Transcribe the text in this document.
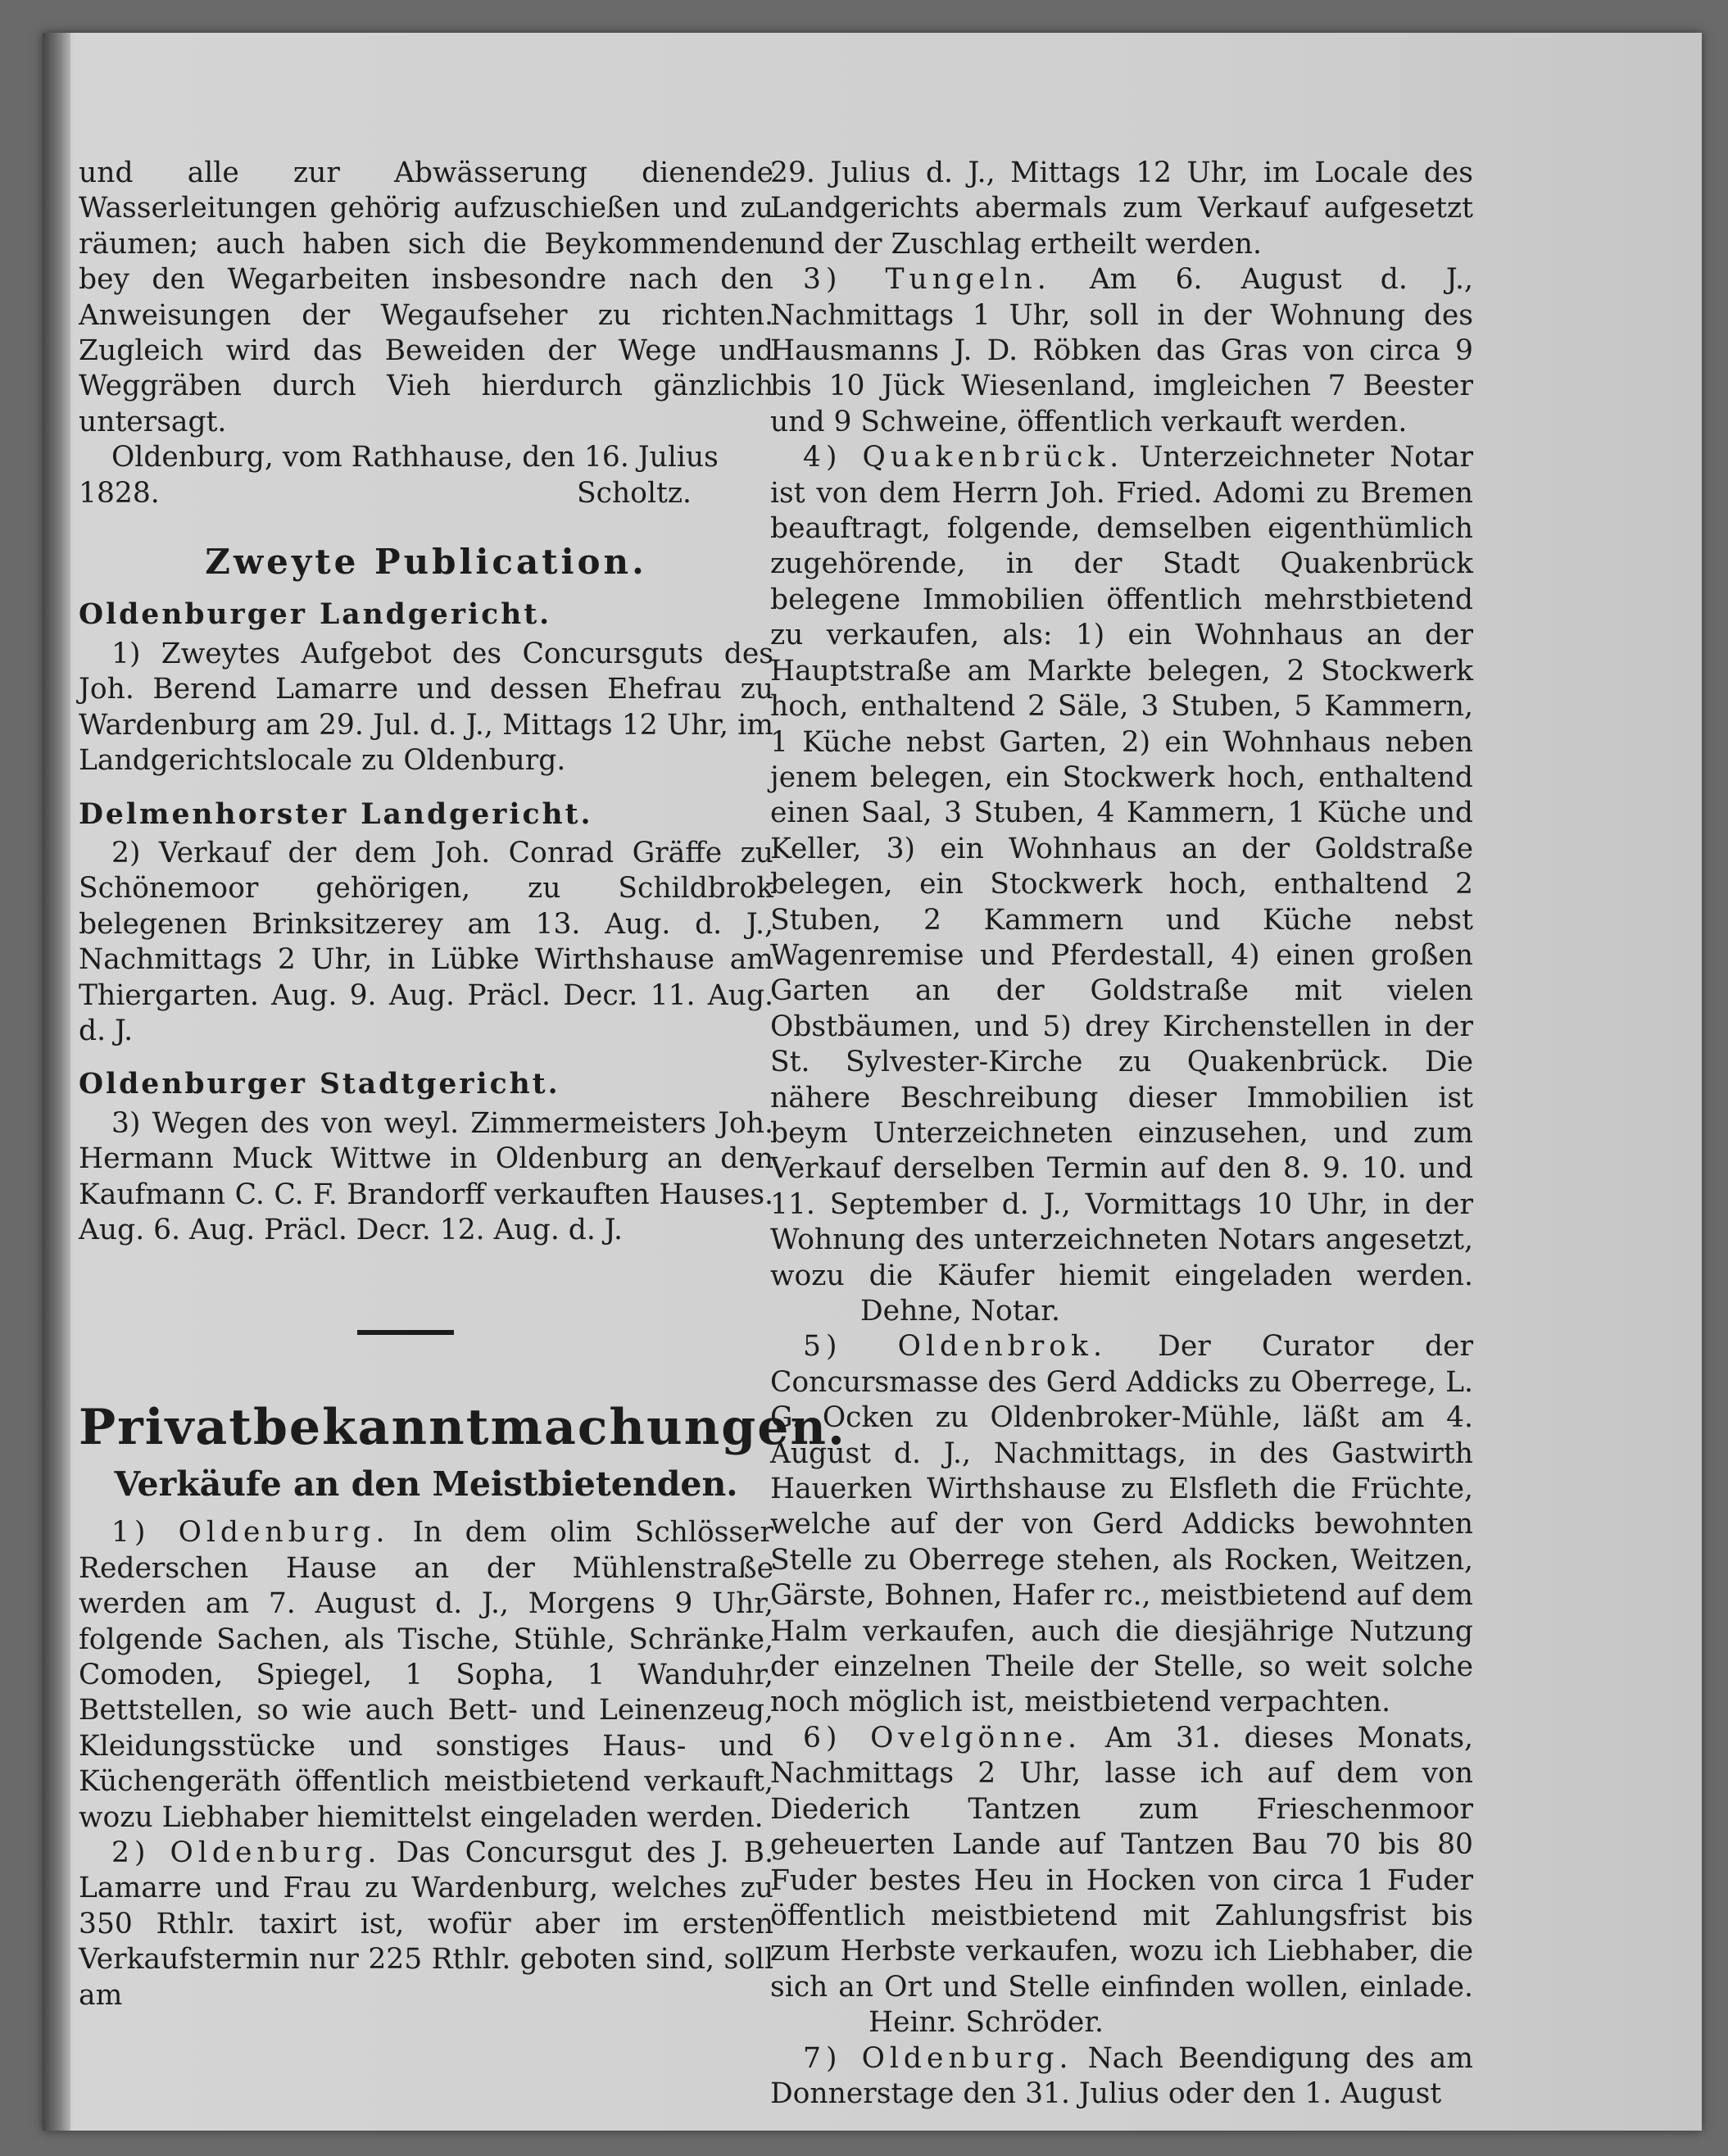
und alle zur Abwässerung dienende Wasserleitungen gehörig aufzuschießen und zu räumen; auch haben sich die Beykommenden bey den Wegarbeiten insbesondre nach den Anweisungen der Wegaufseher zu richten. Zugleich wird das Beweiden der Wege und Weggräben durch Vieh hierdurch gänzlich untersagt.

Oldenburg, vom Rathhause, den 16. Julius

1828.	Scholtz.
Zweyte Publication.
Oldenburger Landgericht.

1) Zweytes Aufgebot des Concursguts des Joh. Berend Lamarre und dessen Ehefrau zu Wardenburg am 29. Jul. d. J., Mittags 12 Uhr, im Landgerichtslocale zu Oldenburg.

Delmenhorster Landgericht.

2) Verkauf der dem Joh. Conrad Gräffe zu Schönemoor gehörigen, zu Schildbrok belegenen Brinksitzerey am 13. Aug. d. J., Nachmittags 2 Uhr, in Lübke Wirthshause am Thiergarten. Aug. 9. Aug. Präcl. Decr. 11. Aug. d. J.

Oldenburger Stadtgericht.

3) Wegen des von weyl. Zimmermeisters Joh. Hermann Muck Wittwe in Oldenburg an den Kaufmann C. C. F. Brandorff verkauften Hauses. Aug. 6. Aug. Präcl. Decr. 12. Aug. d. J.

Privatbekanntmachungen.
Verkäufe an den Meistbietenden.

1) Oldenburg. In dem olim Schlösser Rederschen Hause an der Mühlenstraße werden am 7. August d. J., Morgens 9 Uhr, folgende Sachen, als Tische, Stühle, Schränke, Comoden, Spiegel, 1 Sopha, 1 Wanduhr, Bettstellen, so wie auch Bett- und Leinenzeug, Kleidungsstücke und sonstiges Haus- und Küchengeräth öffentlich meistbietend verkauft, wozu Liebhaber hiemittelst eingeladen werden.

2) Oldenburg. Das Concursgut des J. B. Lamarre und Frau zu Wardenburg, welches zu 350 Rthlr. taxirt ist, wofür aber im ersten Verkaufstermin nur 225 Rthlr. geboten sind, soll am

29. Julius d. J., Mittags 12 Uhr, im Locale des Landgerichts abermals zum Verkauf aufgesetzt und der Zuschlag ertheilt werden.

3) Tungeln. Am 6. August d. J., Nachmittags 1 Uhr, soll in der Wohnung des Hausmanns J. D. Röbken das Gras von circa 9 bis 10 Jück Wiesenland, imgleichen 7 Beester und 9 Schweine, öffentlich verkauft werden.

4) Quakenbrück. Unterzeichneter Notar ist von dem Herrn Joh. Fried. Adomi zu Bremen beauftragt, folgende, demselben eigenthümlich zugehörende, in der Stadt Quakenbrück belegene Immobilien öffentlich mehrstbietend zu verkaufen, als: 1) ein Wohnhaus an der Hauptstraße am Markte belegen, 2 Stockwerk hoch, enthaltend 2 Säle, 3 Stuben, 5 Kammern, 1 Küche nebst Garten, 2) ein Wohnhaus neben jenem belegen, ein Stockwerk hoch, enthaltend einen Saal, 3 Stuben, 4 Kammern, 1 Küche und Keller, 3) ein Wohnhaus an der Goldstraße belegen, ein Stockwerk hoch, enthaltend 2 Stuben, 2 Kammern und Küche nebst Wagenremise und Pferdestall, 4) einen großen Garten an der Goldstraße mit vielen Obstbäumen, und 5) drey Kirchenstellen in der St. Sylvester-Kirche zu Quakenbrück. Die nähere Beschreibung dieser Immobilien ist beym Unterzeichneten einzusehen, und zum Verkauf derselben Termin auf den 8. 9. 10. und 11. September d. J., Vormittags 10 Uhr, in der Wohnung des unterzeichneten Notars angesetzt, wozu die Käufer hiemit eingeladen werden. Dehne, Notar.

5) Oldenbrok. Der Curator der Concursmasse des Gerd Addicks zu Oberrege, L. G. Ocken zu Oldenbroker-Mühle, läßt am 4. August d. J., Nachmittags, in des Gastwirth Hauerken Wirthshause zu Elsfleth die Früchte, welche auf der von Gerd Addicks bewohnten Stelle zu Oberrege stehen, als Rocken, Weitzen, Gärste, Bohnen, Hafer rc., meistbietend auf dem Halm verkaufen, auch die diesjährige Nutzung der einzelnen Theile der Stelle, so weit solche noch möglich ist, meistbietend verpachten.

6) Ovelgönne. Am 31. dieses Monats, Nachmittags 2 Uhr, lasse ich auf dem von Diederich Tantzen zum Frieschenmoor geheuerten Lande auf Tantzen Bau 70 bis 80 Fuder bestes Heu in Hocken von circa 1 Fuder öffentlich meistbietend mit Zahlungsfrist bis zum Herbste verkaufen, wozu ich Liebhaber, die sich an Ort und Stelle einfinden wollen, einlade. Heinr. Schröder.

7) Oldenburg. Nach Beendigung des am Donnerstage den 31. Julius oder den 1. August
